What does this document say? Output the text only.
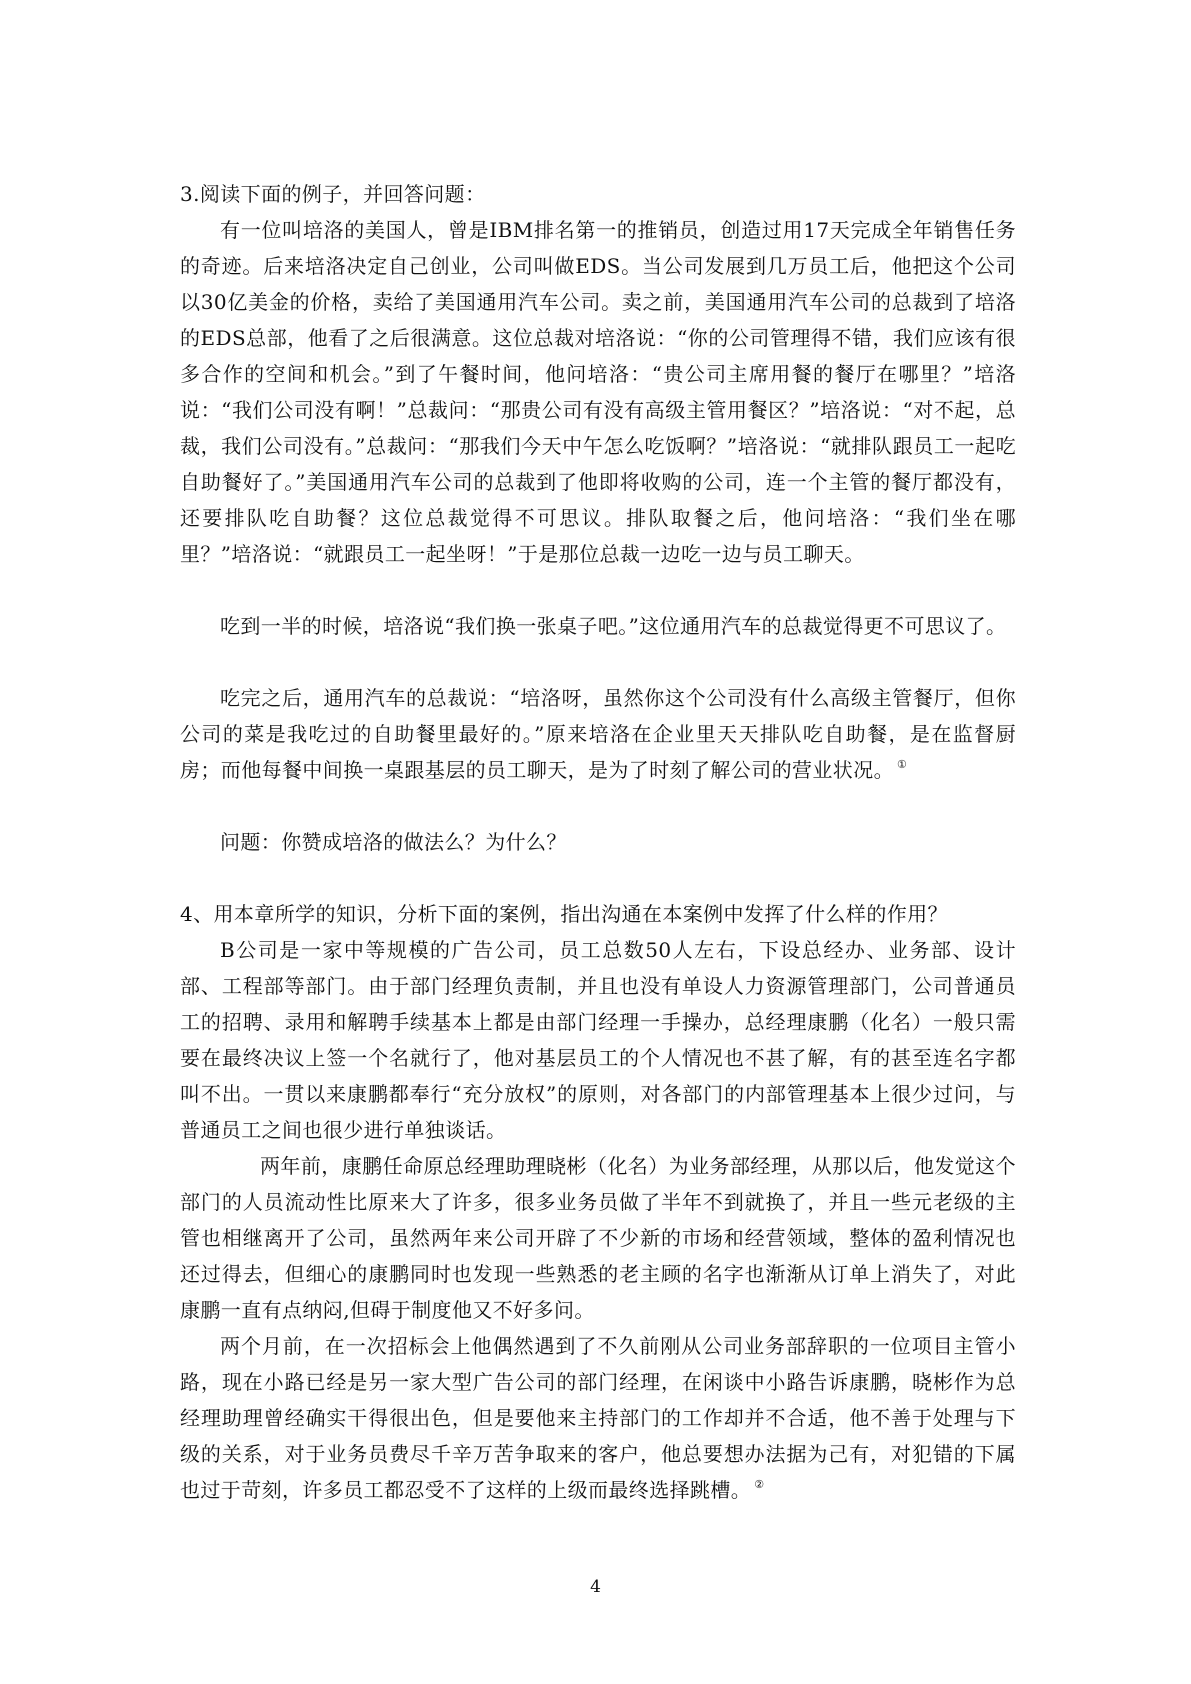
3.阅读下面的例子，并回答问题：

有一位叫培洛的美国人，曾是IBM排名第一的推销员，创造过用17天完成全年销售任务的奇迹。后来培洛决定自己创业，公司叫做EDS。当公司发展到几万员工后，他把这个公司以30亿美金的价格，卖给了美国通用汽车公司。卖之前，美国通用汽车公司的总裁到了培洛的EDS总部，他看了之后很满意。这位总裁对培洛说：“你的公司管理得不错，我们应该有很多合作的空间和机会。”到了午餐时间，他问培洛：“贵公司主席用餐的餐厅在哪里？”培洛说：“我们公司没有啊！”总裁问：“那贵公司有没有高级主管用餐区？”培洛说：“对不起，总裁，我们公司没有。”总裁问：“那我们今天中午怎么吃饭啊？”培洛说：“就排队跟员工一起吃自助餐好了。”美国通用汽车公司的总裁到了他即将收购的公司，连一个主管的餐厅都没有，还要排队吃自助餐？这位总裁觉得不可思议。排队取餐之后，他问培洛：“我们坐在哪里？”培洛说：“就跟员工一起坐呀！”于是那位总裁一边吃一边与员工聊天。

吃到一半的时候，培洛说“我们换一张桌子吧。”这位通用汽车的总裁觉得更不可思议了。

吃完之后，通用汽车的总裁说：“培洛呀，虽然你这个公司没有什么高级主管餐厅，但你公司的菜是我吃过的自助餐里最好的。”原来培洛在企业里天天排队吃自助餐，是在监督厨房；而他每餐中间换一桌跟基层的员工聊天，是为了时刻了解公司的营业状况。 ①

问题：你赞成培洛的做法么？为什么？

4、用本章所学的知识，分析下面的案例，指出沟通在本案例中发挥了什么样的作用？

B公司是一家中等规模的广告公司，员工总数50人左右，下设总经办、业务部、设计部、工程部等部门。由于部门经理负责制，并且也没有单设人力资源管理部门，公司普通员工的招聘、录用和解聘手续基本上都是由部门经理一手操办，总经理康鹏（化名）一般只需要在最终决议上签一个名就行了，他对基层员工的个人情况也不甚了解，有的甚至连名字都叫不出。一贯以来康鹏都奉行“充分放权”的原则，对各部门的内部管理基本上很少过问，与普通员工之间也很少进行单独谈话。

两年前，康鹏任命原总经理助理晓彬（化名）为业务部经理，从那以后，他发觉这个部门的人员流动性比原来大了许多，很多业务员做了半年不到就换了，并且一些元老级的主管也相继离开了公司，虽然两年来公司开辟了不少新的市场和经营领域，整体的盈利情况也还过得去，但细心的康鹏同时也发现一些熟悉的老主顾的名字也渐渐从订单上消失了，对此康鹏一直有点纳闷,但碍于制度他又不好多问。

两个月前，在一次招标会上他偶然遇到了不久前刚从公司业务部辞职的一位项目主管小路，现在小路已经是另一家大型广告公司的部门经理，在闲谈中小路告诉康鹏，晓彬作为总经理助理曾经确实干得很出色，但是要他来主持部门的工作却并不合适，他不善于处理与下级的关系，对于业务员费尽千辛万苦争取来的客户，他总要想办法据为己有，对犯错的下属也过于苛刻，许多员工都忍受不了这样的上级而最终选择跳槽。 ②

4
